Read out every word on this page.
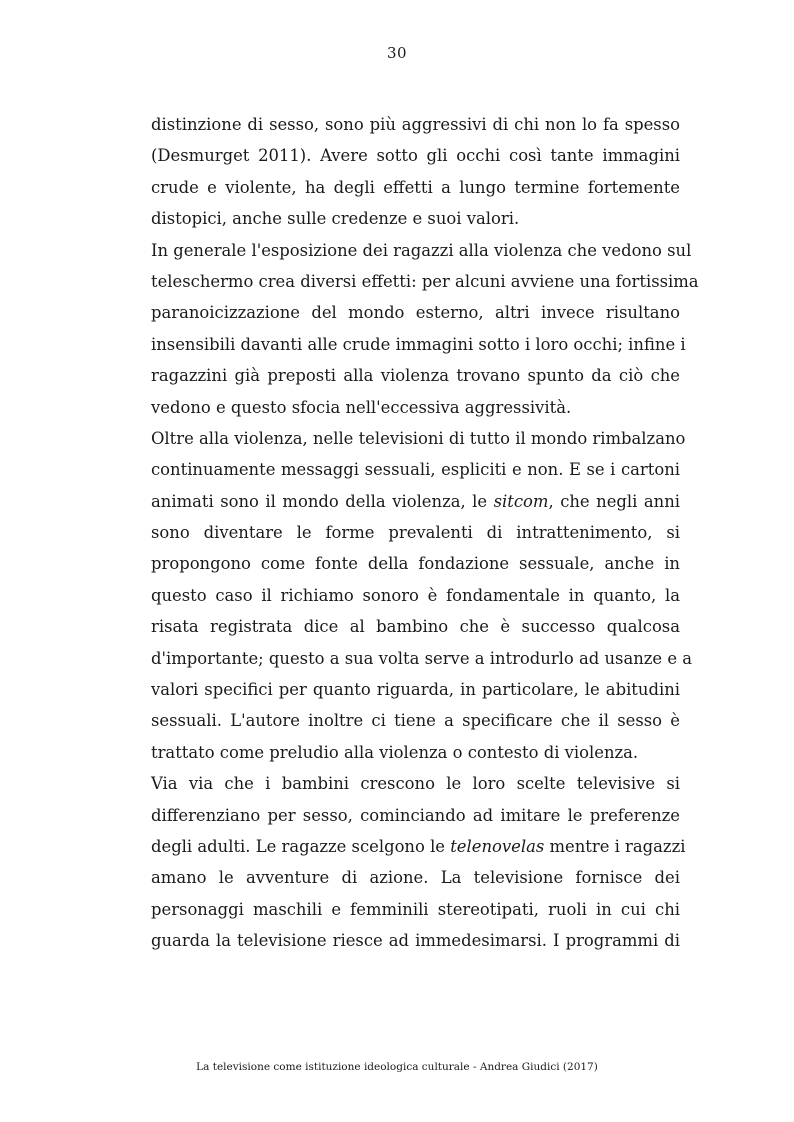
30
distinzione di sesso, sono più aggressivi di chi non lo fa spesso
(Desmurget 2011). Avere sotto gli occhi così tante immagini
crude e violente, ha degli effetti a lungo termine fortemente
distopici, anche sulle credenze e suoi valori.
In generale l'esposizione dei ragazzi alla violenza che vedono sul
teleschermo crea diversi effetti: per alcuni avviene una fortissima
paranoicizzazione del mondo esterno, altri invece risultano
insensibili davanti alle crude immagini sotto i loro occhi; infine i
ragazzini già preposti alla violenza trovano spunto da ciò che
vedono e questo sfocia nell'eccessiva aggressività.
Oltre alla violenza, nelle televisioni di tutto il mondo rimbalzano
continuamente messaggi sessuali, espliciti e non. E se i cartoni
animati sono il mondo della violenza, le sitcom, che negli anni
sono diventare le forme prevalenti di intrattenimento, si
propongono come fonte della fondazione sessuale, anche in
questo caso il richiamo sonoro è fondamentale in quanto, la
risata registrata dice al bambino che è successo qualcosa
d'importante; questo a sua volta serve a introdurlo ad usanze e a
valori specifici per quanto riguarda, in particolare, le abitudini
sessuali. L'autore inoltre ci tiene a specificare che il sesso è
trattato come preludio alla violenza o contesto di violenza.
Via via che i bambini crescono le loro scelte televisive si
differenziano per sesso, cominciando ad imitare le preferenze
degli adulti. Le ragazze scelgono le telenovelas mentre i ragazzi
amano le avventure di azione. La televisione fornisce dei
personaggi maschili e femminili stereotipati, ruoli in cui chi
guarda la televisione riesce ad immedesimarsi. I programmi di
La televisione come istituzione ideologica culturale - Andrea Giudici (2017)
